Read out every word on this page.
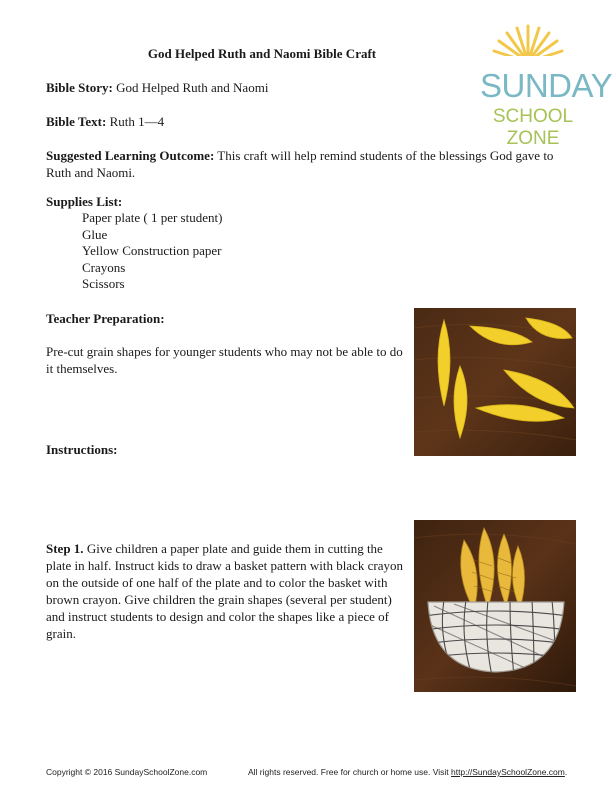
God Helped Ruth and Naomi Bible Craft
SUNDAY
SCHOOL ZONE
Bible Story: God Helped Ruth and Naomi
Bible Text: Ruth 1—4
Suggested Learning Outcome: This craft will help remind students of the blessings God gave to Ruth and Naomi.
Supplies List:
Paper plate ( 1 per student)
Glue
Yellow Construction paper
Crayons
Scissors
Teacher Preparation:
Pre-cut grain shapes for younger students who may not be able to do it themselves.
Instructions:
Step 1. Give children a paper plate and guide them in cutting the plate in half. Instruct kids to draw a basket pattern with black crayon on the outside of one half of the plate and to color the basket with brown crayon. Give children the grain shapes (several per student) and instruct students to design and color the shapes like a piece of grain.
Copyright © 2016 SundaySchoolZone.com	All rights reserved. Free for church or home use. Visit http://SundaySchoolZone.com.
